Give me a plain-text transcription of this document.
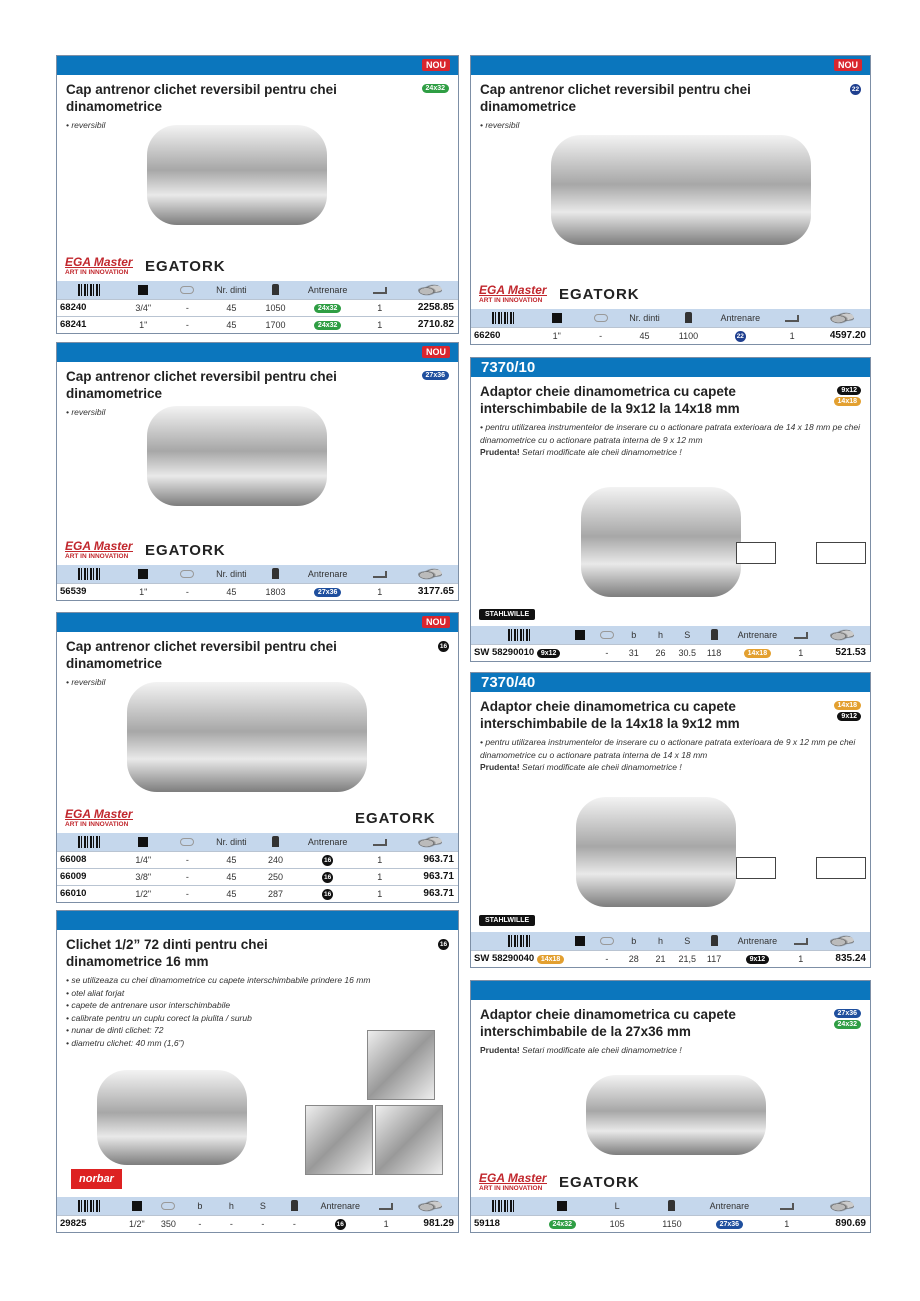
NOU
Cap antrenor clichet reversibil pentru chei dinamometrice
24x32
• reversibil
EGA Master
ART IN INNOVATION EGATORK
			Nr. dinti		Antrenare		
68240	3/4"	-	45	1050	24x32	1	2258.85
68241	1"	-	45	1700	24x32	1	2710.82
NOU
Cap antrenor clichet reversibil pentru chei dinamometrice
27x36
• reversibil
EGA Master
ART IN INNOVATION EGATORK
			Nr. dinti		Antrenare		
56539	1"	-	45	1803	27x36	1	3177.65
NOU
Cap antrenor clichet reversibil pentru chei dinamometrice
16
• reversibil
EGA Master
ART IN INNOVATION	EGATORK
			Nr. dinti		Antrenare		
66008	1/4"	-	45	240	16	1	963.71
66009	3/8"	-	45	250	16	1	963.71
66010	1/2"	-	45	287	16	1	963.71
Clichet 1/2” 72 dinti pentru chei dinamometrice 16 mm
16
• se utilizeaza cu chei dinamometrice cu capete interschimbabile prindere 16 mm
• otel aliat forjat
• capete de antrenare usor interschimbabile
• calibrate pentru un cuplu corect la piulita / surub
• nunar de dinti clichet: 72
• diametru clichet: 40 mm (1,6”)
norbar
			b	h	S		Antrenare		
29825	1/2"	350	-	-	-	-	16	1	981.29
NOU
Cap antrenor clichet reversibil pentru chei dinamometrice
22
• reversibil
EGA Master
ART IN INNOVATION EGATORK
			Nr. dinti		Antrenare		
66260	1"	-	45	1100	22	1	4597.20
7370/10
Adaptor cheie dinamometrica cu capete interschimbabile de la 9x12 la 14x18 mm
9x12
14x18
• pentru utilizarea instrumentelor de inserare cu o actionare patrata exterioara de 14 x 18 mm pe chei dinamometrice cu o actionare patrata interna de 9 x 12 mm
Prudenta! Setari modificate ale cheii dinamometrice !
STAHLWILLE
			b	h	S		Antrenare		
SW 58290010 9x12		-	31	26	30.5	118	14x18	1	521.53
7370/40
Adaptor cheie dinamometrica cu capete interschimbabile de la 14x18 la 9x12 mm
14x18
9x12
• pentru utilizarea instrumentelor de inserare cu o actionare patrata exterioara de 9 x 12 mm pe chei dinamometrice cu o actionare patrata interna de 14 x 18 mm
Prudenta! Setari modificate ale cheii dinamometrice !
STAHLWILLE
			b	h	S		Antrenare		
SW 58290040 14x18		-	28	21	21,5	117	9x12	1	835.24
Adaptor cheie dinamometrica cu capete interschimbabile de la 27x36 mm
27x36
24x32
Prudenta! Setari modificate ale cheii dinamometrice !
EGA Master
ART IN INNOVATION EGATORK
		L		Antrenare		
59118	24x32	105	1150	27x36	1	890.69
